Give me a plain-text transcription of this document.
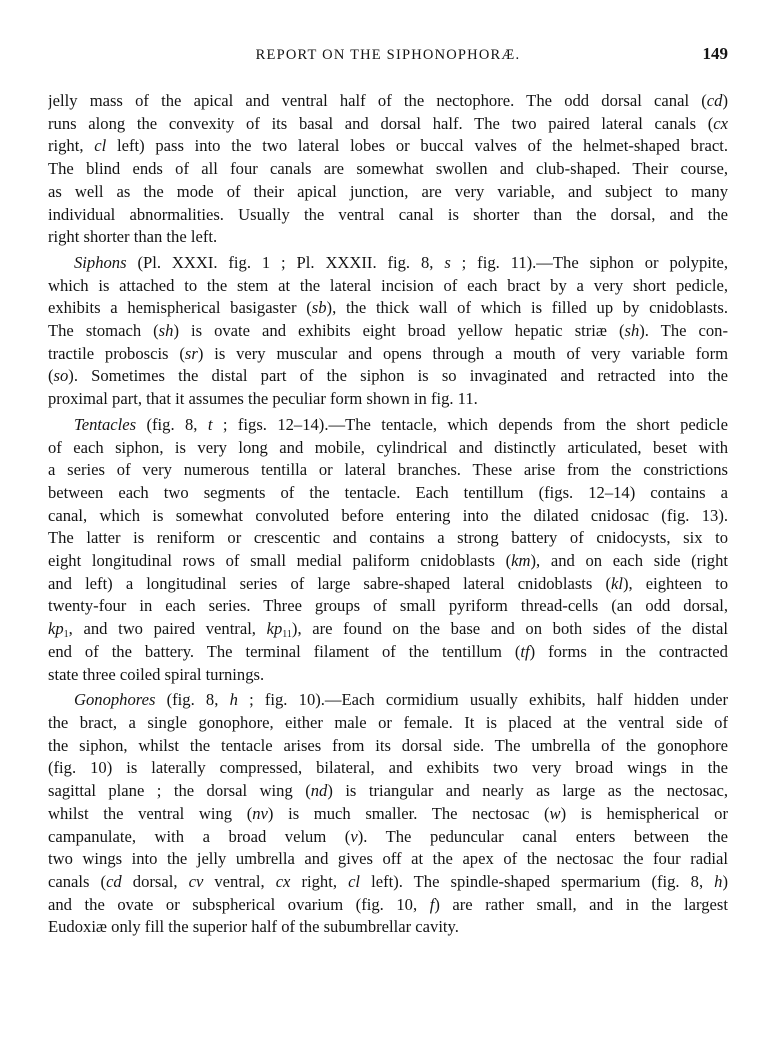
REPORT ON THE SIPHONOPHORÆ.	149
jelly mass of the apical and ventral half of the nectophore. The odd dorsal canal (cd)
runs along the convexity of its basal and dorsal half. The two paired lateral canals (cx
right, cl left) pass into the two lateral lobes or buccal valves of the helmet-shaped bract.
The blind ends of all four canals are somewhat swollen and club-shaped. Their course,
as well as the mode of their apical junction, are very variable, and subject to many
individual abnormalities. Usually the ventral canal is shorter than the dorsal, and the
right shorter than the left.
Siphons (Pl. XXXI. fig. 1 ; Pl. XXXII. fig. 8, s ; fig. 11).—The siphon or polypite,
which is attached to the stem at the lateral incision of each bract by a very short pedicle,
exhibits a hemispherical basigaster (sb), the thick wall of which is filled up by cnidoblasts.
The stomach (sh) is ovate and exhibits eight broad yellow hepatic striæ (sh). The con-
tractile proboscis (sr) is very muscular and opens through a mouth of very variable form
(so). Sometimes the distal part of the siphon is so invaginated and retracted into the
proximal part, that it assumes the peculiar form shown in fig. 11.
Tentacles (fig. 8, t ; figs. 12–14).—The tentacle, which depends from the short pedicle
of each siphon, is very long and mobile, cylindrical and distinctly articulated, beset with
a series of very numerous tentilla or lateral branches. These arise from the constrictions
between each two segments of the tentacle. Each tentillum (figs. 12–14) contains a
canal, which is somewhat convoluted before entering into the dilated cnidosac (fig. 13).
The latter is reniform or crescentic and contains a strong battery of cnidocysts, six to
eight longitudinal rows of small medial paliform cnidoblasts (km), and on each side (right
and left) a longitudinal series of large sabre-shaped lateral cnidoblasts (kl), eighteen to
twenty-four in each series. Three groups of small pyriform thread-cells (an odd dorsal,
$kp_1$, and two paired ventral, $kp_{11}$), are found on the base and on both sides of the distal
end of the battery. The terminal filament of the tentillum (tf) forms in the contracted
state three coiled spiral turnings.
Gonophores (fig. 8, h ; fig. 10).—Each cormidium usually exhibits, half hidden under
the bract, a single gonophore, either male or female. It is placed at the ventral side of
the siphon, whilst the tentacle arises from its dorsal side. The umbrella of the gonophore
(fig. 10) is laterally compressed, bilateral, and exhibits two very broad wings in the
sagittal plane ; the dorsal wing (nd) is triangular and nearly as large as the nectosac,
whilst the ventral wing (nv) is much smaller. The nectosac (w) is hemispherical or
campanulate, with a broad velum (v). The peduncular canal enters between the
two wings into the jelly umbrella and gives off at the apex of the nectosac the four radial
canals (cd dorsal, cv ventral, cx right, cl left). The spindle-shaped spermarium (fig. 8, h)
and the ovate or subspherical ovarium (fig. 10, f) are rather small, and in the largest
Eudoxiæ only fill the superior half of the subumbrellar cavity.
